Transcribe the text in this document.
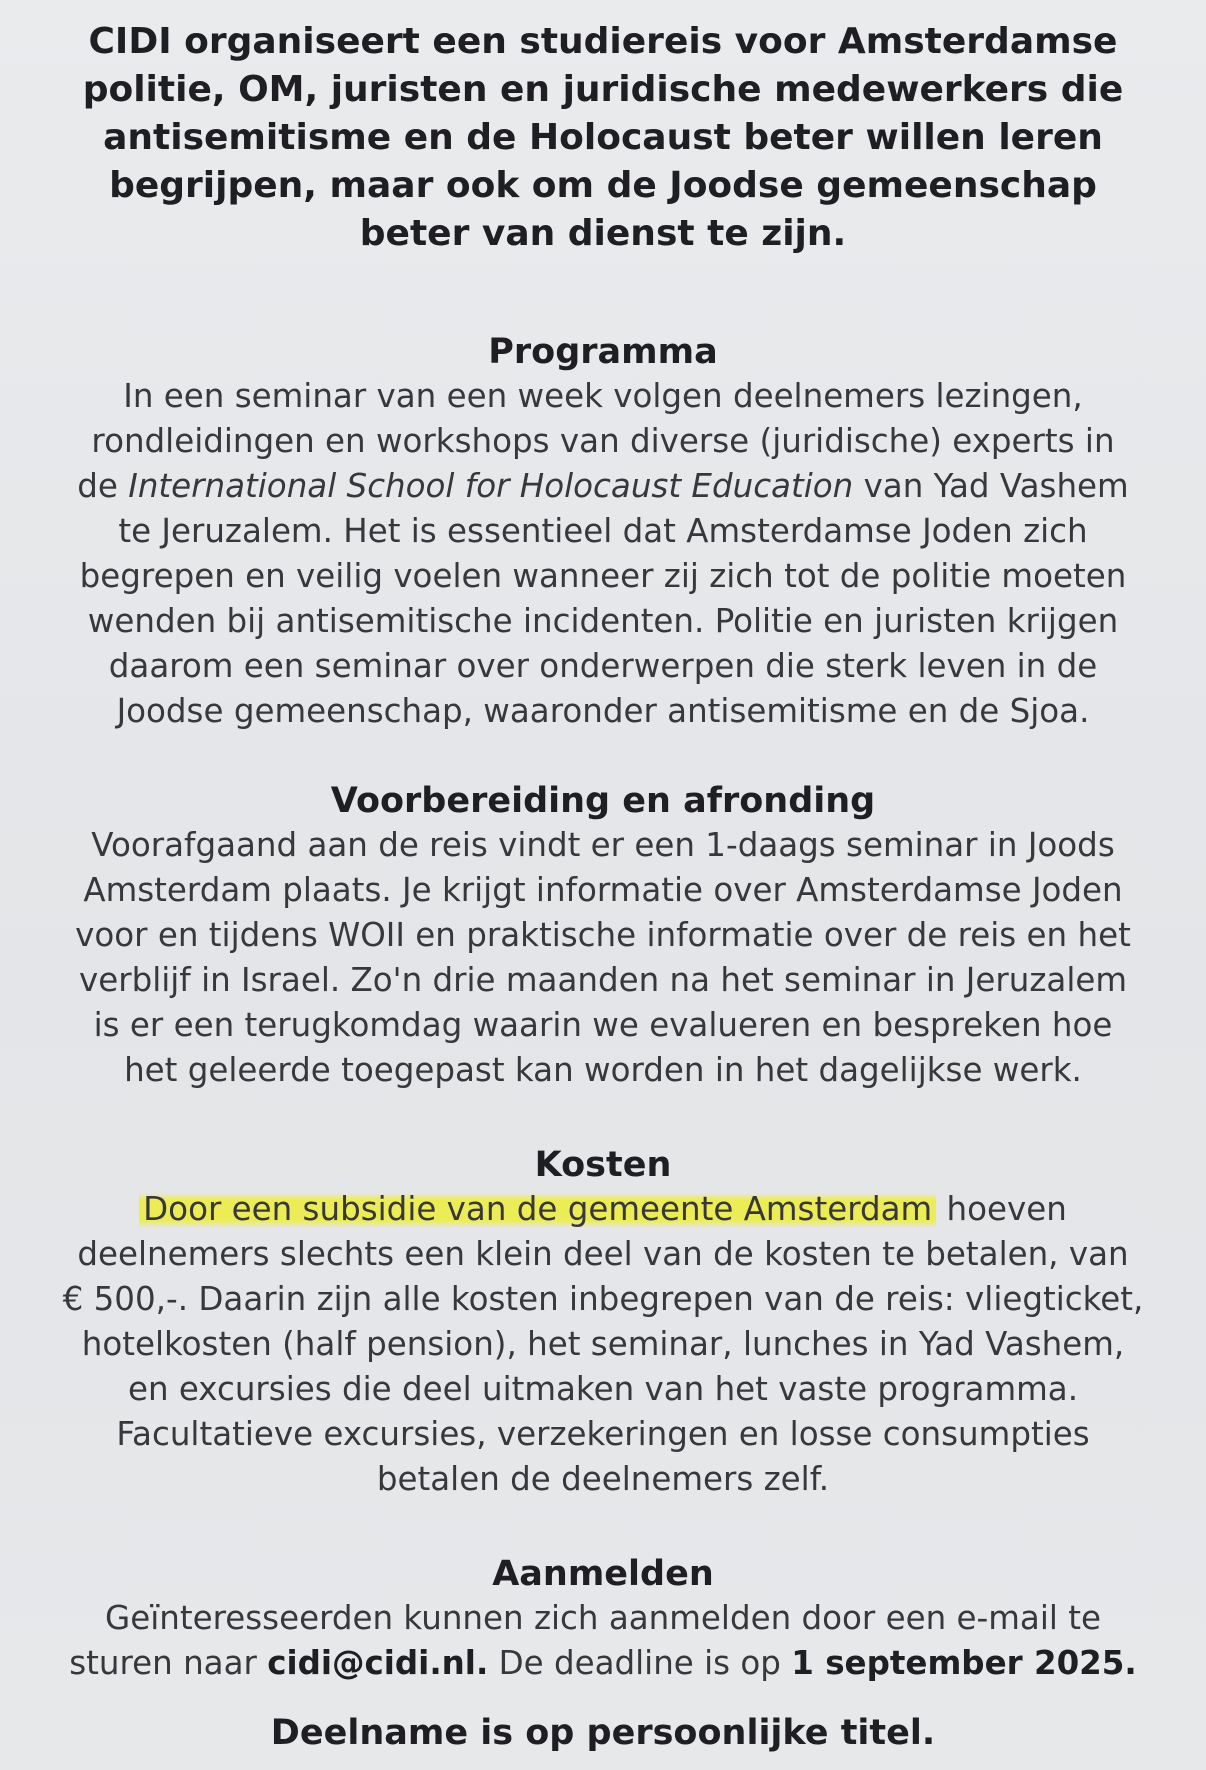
CIDI organiseert een studiereis voor Amsterdamse
politie, OM, juristen en juridische medewerkers die
antisemitisme en de Holocaust beter willen leren
begrijpen, maar ook om de Joodse gemeenschap
beter van dienst te zijn.
Programma
In een seminar van een week volgen deelnemers lezingen,
rondleidingen en workshops van diverse (juridische) experts in
de International School for Holocaust Education van Yad Vashem
te Jeruzalem. Het is essentieel dat Amsterdamse Joden zich
begrepen en veilig voelen wanneer zij zich tot de politie moeten
wenden bij antisemitische incidenten. Politie en juristen krijgen
daarom een seminar over onderwerpen die sterk leven in de
Joodse gemeenschap, waaronder antisemitisme en de Sjoa.
Voorbereiding en afronding
Voorafgaand aan de reis vindt er een 1-daags seminar in Joods
Amsterdam plaats. Je krijgt informatie over Amsterdamse Joden
voor en tijdens WOII en praktische informatie over de reis en het
verblijf in Israel. Zo'n drie maanden na het seminar in Jeruzalem
is er een terugkomdag waarin we evalueren en bespreken hoe
het geleerde toegepast kan worden in het dagelijkse werk.
Kosten
Door een subsidie van de gemeente Amsterdam hoeven
deelnemers slechts een klein deel van de kosten te betalen, van
€ 500,-. Daarin zijn alle kosten inbegrepen van de reis: vliegticket,
hotelkosten (half pension), het seminar, lunches in Yad Vashem,
en excursies die deel uitmaken van het vaste programma.
Facultatieve excursies, verzekeringen en losse consumpties
betalen de deelnemers zelf.
Aanmelden
Geïnteresseerden kunnen zich aanmelden door een e-mail te
sturen naar cidi@cidi.nl. De deadline is op 1 september 2025.
Deelname is op persoonlijke titel.
